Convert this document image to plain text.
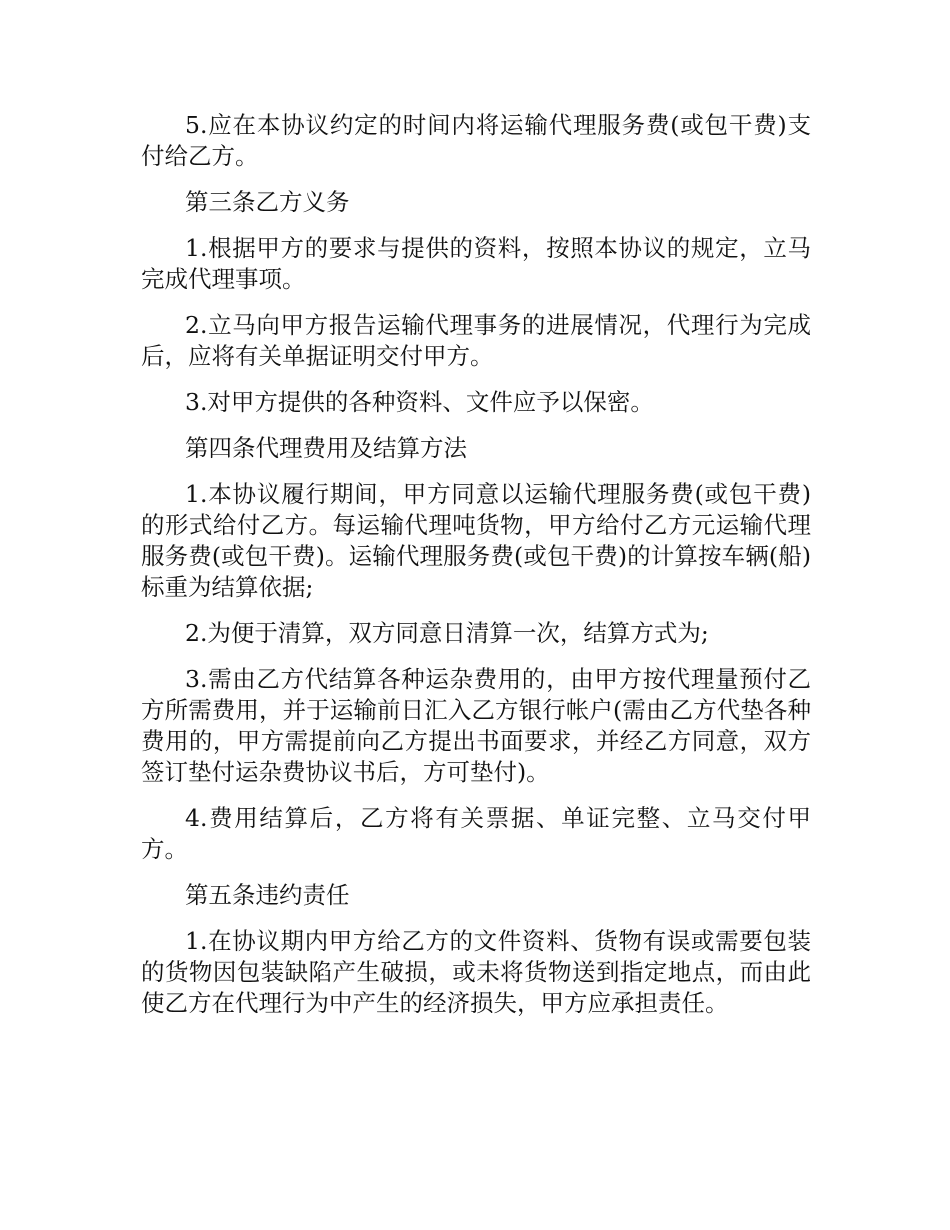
5.应在本协议约定的时间内将运输代理服务费(或包干费)支付给乙方。

第三条乙方义务

1.根据甲方的要求与提供的资料，按照本协议的规定，立马完成代理事项。

2.立马向甲方报告运输代理事务的进展情况，代理行为完成后，应将有关单据证明交付甲方。

3.对甲方提供的各种资料、文件应予以保密。

第四条代理费用及结算方法

1.本协议履行期间，甲方同意以运输代理服务费(或包干费)的形式给付乙方。每运输代理吨货物，甲方给付乙方元运输代理服务费(或包干费)。运输代理服务费(或包干费)的计算按车辆(船)标重为结算依据;

2.为便于清算，双方同意日清算一次，结算方式为;

3.需由乙方代结算各种运杂费用的，由甲方按代理量预付乙方所需费用，并于运输前日汇入乙方银行帐户(需由乙方代垫各种费用的，甲方需提前向乙方提出书面要求，并经乙方同意，双方签订垫付运杂费协议书后，方可垫付)。

4.费用结算后，乙方将有关票据、单证完整、立马交付甲方。

第五条违约责任

1.在协议期内甲方给乙方的文件资料、货物有误或需要包装的货物因包装缺陷产生破损，或未将货物送到指定地点，而由此使乙方在代理行为中产生的经济损失，甲方应承担责任。
